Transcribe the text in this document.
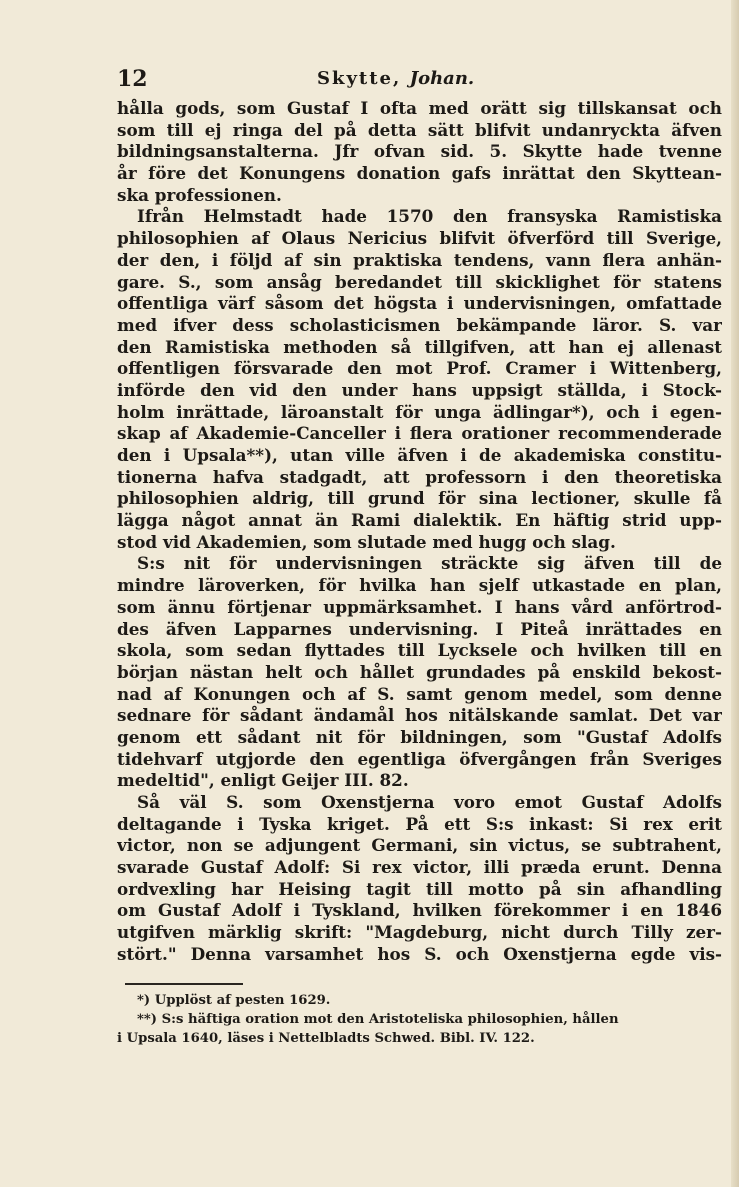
12	Skytte, Johan.
hålla gods, som Gustaf I ofta med orätt sig tillskansat och
som till ej ringa del på detta sätt blifvit undanryckta äfven
bildningsanstalterna. Jfr ofvan sid. 5. Skytte hade tvenne
år före det Konungens donation gafs inrättat den Skyttean-
ska professionen.
Ifrån Helmstadt hade 1570 den fransyska Ramistiska
philosophien af Olaus Nericius blifvit öfverförd till Sverige,
der den, i följd af sin praktiska tendens, vann flera anhän-
gare. S., som ansåg beredandet till skicklighet för statens
offentliga värf såsom det högsta i undervisningen, omfattade
med ifver dess scholasticismen bekämpande läror. S. var
den Ramistiska methoden så tillgifven, att han ej allenast
offentligen försvarade den mot Prof. Cramer i Wittenberg,
införde den vid den under hans uppsigt ställda, i Stock-
holm inrättade, läroanstalt för unga ädlingar*), och i egen-
skap af Akademie-Canceller i flera orationer recommenderade
den i Upsala**), utan ville äfven i de akademiska constitu-
tionerna hafva stadgadt, att professorn i den theoretiska
philosophien aldrig, till grund för sina lectioner, skulle få
lägga något annat än Rami dialektik. En häftig strid upp-
stod vid Akademien, som slutade med hugg och slag.
S:s nit för undervisningen sträckte sig äfven till de
mindre läroverken, för hvilka han sjelf utkastade en plan,
som ännu förtjenar uppmärksamhet. I hans vård anförtrod-
des äfven Lapparnes undervisning. I Piteå inrättades en
skola, som sedan flyttades till Lycksele och hvilken till en
början nästan helt och hållet grundades på enskild bekost-
nad af Konungen och af S. samt genom medel, som denne
sednare för sådant ändamål hos nitälskande samlat. Det var
genom ett sådant nit för bildningen, som "Gustaf Adolfs
tidehvarf utgjorde den egentliga öfvergången från Sveriges
medeltid", enligt Geijer III. 82.
Så väl S. som Oxenstjerna voro emot Gustaf Adolfs
deltagande i Tyska kriget. På ett S:s inkast: Si rex erit
victor, non se adjungent Germani, sin victus, se subtrahent,
svarade Gustaf Adolf: Si rex victor, illi præda erunt. Denna
ordvexling har Heising tagit till motto på sin afhandling
om Gustaf Adolf i Tyskland, hvilken förekommer i en 1846
utgifven märklig skrift: "Magdeburg, nicht durch Tilly zer-
stört." Denna varsamhet hos S. och Oxenstjerna egde vis-
*) Upplöst af pesten 1629.
**) S:s häftiga oration mot den Aristoteliska philosophien, hållen
i Upsala 1640, läses i Nettelbladts Schwed. Bibl. IV. 122.
